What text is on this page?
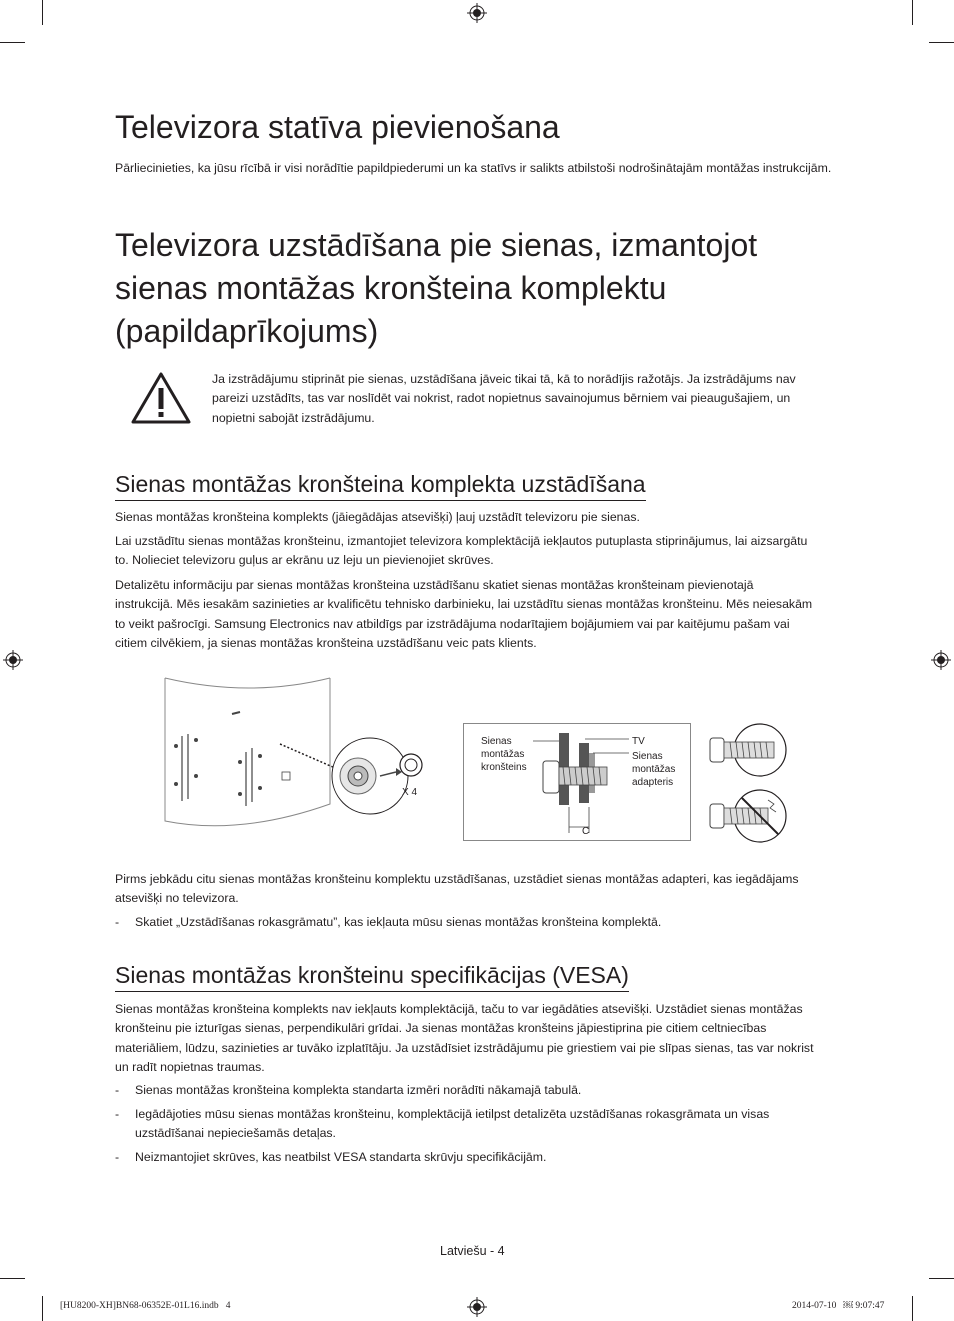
Televizora statīva pievienošana

Pārliecinieties, ka jūsu rīcībā ir visi norādītie papildpiederumi un ka statīvs ir salikts atbilstoši nodrošinātajām montāžas instrukcijām.

Televizora uzstādīšana pie sienas, izmantojot
sienas montāžas kronšteina komplektu
(papildaprīkojums)
Ja izstrādājumu stiprināt pie sienas, uzstādīšana jāveic tikai tā, kā to norādījis ražotājs. Ja izstrādājums nav
pareizi uzstādīts, tas var noslīdēt vai nokrist, radot nopietnus savainojumus bērniem vai pieaugušajiem, un
nopietni sabojāt izstrādājumu.
Sienas montāžas kronšteina komplekta uzstādīšana

Sienas montāžas kronšteina komplekts (jāiegādājas atsevišķi) ļauj uzstādīt televizoru pie sienas.

Lai uzstādītu sienas montāžas kronšteinu, izmantojiet televizora komplektācijā iekļautos putuplasta stiprinājumus, lai aizsargātu
to. Nolieciet televizoru guļus ar ekrānu uz leju un pievienojiet skrūves.
Detalizētu informāciju par sienas montāžas kronšteina uzstādīšanu skatiet sienas montāžas kronšteinam pievienotajā
instrukcijā. Mēs iesakām sazinieties ar kvalificētu tehnisko darbinieku, lai uzstādītu sienas montāžas kronšteinu. Mēs neiesakām
to veikt pašrocīgi. Samsung Electronics nav atbildīgs par izstrādājuma nodarītajiem bojājumiem vai par kaitējumu pašam vai
citiem cilvēkiem, ja sienas montāžas kronšteina uzstādīšanu veic pats klients.
X 4
Sienas
montāžas
kronšteins
TV
Sienas
montāžas
adapteris
C
Pirms jebkādu citu sienas montāžas kronšteinu komplektu uzstādīšanas, uzstādiet sienas montāžas adapteri, kas iegādājams
atsevišķi no televizora.
- Skatiet „Uzstādīšanas rokasgrāmatu”, kas iekļauta mūsu sienas montāžas kronšteina komplektā.
Sienas montāžas kronšteinu specifikācijas (VESA)
Sienas montāžas kronšteina komplekts nav iekļauts komplektācijā, taču to var iegādāties atsevišķi. Uzstādiet sienas montāžas
kronšteinu pie izturīgas sienas, perpendikulāri grīdai. Ja sienas montāžas kronšteins jāpiestiprina pie citiem celtniecības
materiāliem, lūdzu, sazinieties ar tuvāko izplatītāju. Ja uzstādīsiet izstrādājumu pie griestiem vai pie slīpas sienas, tas var nokrist
un radīt nopietnas traumas.
- Sienas montāžas kronšteina komplekta standarta izmēri norādīti nākamajā tabulā.
- Iegādājoties mūsu sienas montāžas kronšteinu, komplektācijā ietilpst detalizēta uzstādīšanas rokasgrāmata un visas
uzstādīšanai nepieciešamās detaļas.
- Neizmantojiet skrūves, kas neatbilst VESA standarta skrūvju specifikācijām.
Latviešu - 4
[HU8200-XH]BN68-06352E-01L16.indb   4	2014-07-10   ￼ 9:07:47
